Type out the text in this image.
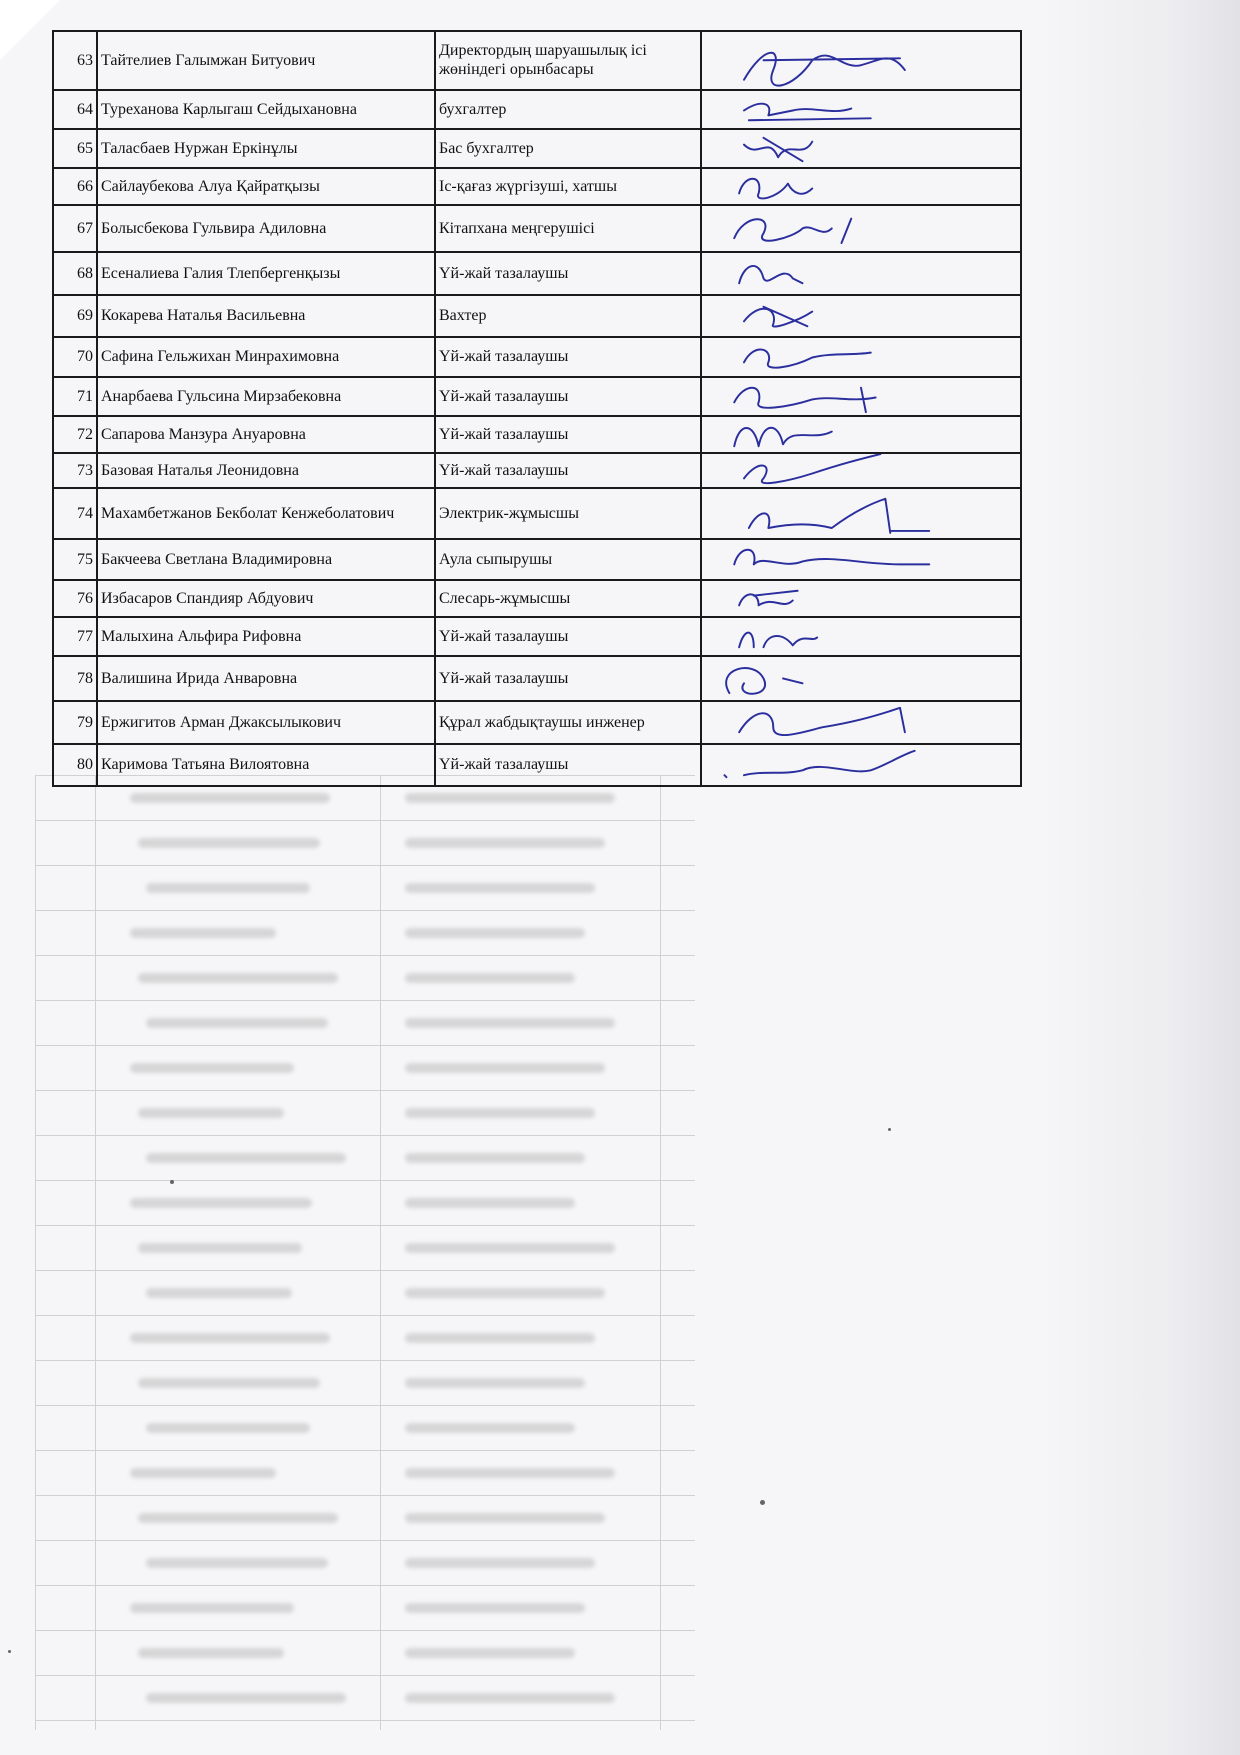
63	Тайтелиев Галымжан Битуович	Директордың шаруашылық ісі жөніндегі орынбасары	

64	Туреханова Карлыгаш Сейдыхановна	бухгалтер	

65	Таласбаев Нуржан Еркінұлы	Бас бухгалтер	

66	Сайлаубекова Алуа Қайратқызы	Іс-қағаз жүргізуші, хатшы	

67	Болысбекова Гульвира Адиловна	Кітапхана меңгерушісі	

68	Есеналиева Галия Тлепбергенқызы	Үй-жай тазалаушы	

69	Кокарева Наталья Васильевна	Вахтер	

70	Сафина Гельжихан Минрахимовна	Үй-жай тазалаушы	

71	Анарбаева Гульсина Мирзабековна	Үй-жай тазалаушы	

72	Сапарова Манзура Ануаровна	Үй-жай тазалаушы	

73	Базовая Наталья Леонидовна	Үй-жай тазалаушы	

74	Махамбетжанов Бекболат Кенжеболатович	Электрик-жұмысшы	

75	Бакчеева Светлана Владимировна	Аула сыпырушы	

76	Избасаров Спандияр Абдуович	Слесарь-жұмысшы	

77	Малыхина Альфира Рифовна	Үй-жай тазалаушы	

78	Валишина Ирида Анваровна	Үй-жай тазалаушы	

79	Ержигитов Арман Джаксылыкович	Құрал жабдықтаушы инженер	

80	Каримова Татьяна Вилоятовна	Үй-жай тазалаушы	
